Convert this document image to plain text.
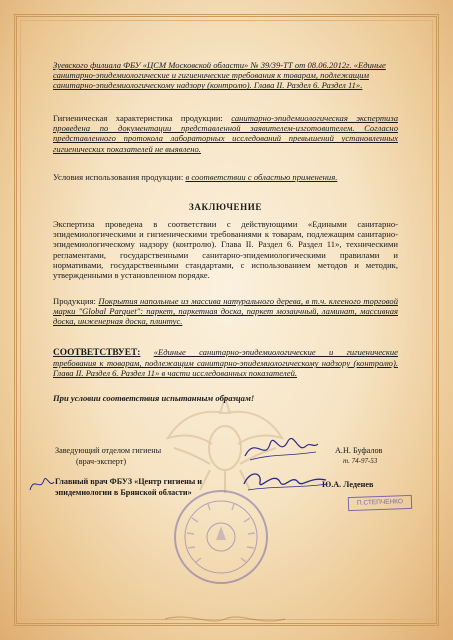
Зуевского филиала ФБУ «ЦСМ Московской области» № 39/39-ТТ от 08.06.2012г. «Единые санитарно-эпидемиологические и гигиенические требования к товарам, подлежащим санитарно-эпидемиологическому надзору (контролю). Глава II. Раздел 6. Раздел 11».
Гигиеническая характеристика продукции: санитарно-эпидемиологическая экспертиза проведена по документации представленной заявителем-изготовителем. Согласно представленного протокола лабораторных исследований превышений установленных гигиенических показателей не выявлено.
Условия использования продукции: в соответствии с областью применения.
ЗАКЛЮЧЕНИЕ
Экспертиза проведена в соответствии с действующими «Едиными санитарно-эпидемиологическими и гигиеническими требованиями к товарам, подлежащим санитарно-эпидемиологическому надзору (контролю). Глава II. Раздел 6. Раздел 11», техническими регламентами, государственными санитарно-эпидемиологическими правилами и нормативами, государственными стандартами, с использованием методов и методик, утвержденными в установленном порядке.
Продукция: Покрытия напольные из массива натурального дерева, в т.ч. клееного торговой марки "Global Parquet": паркет, паркетная доска, паркет мозаичный, ламинат, массивная доска, инженерная доска, плинтус.
СООТВЕТСТВУЕТ: «Единые санитарно-эпидемиологические и гигиенические требования к товарам, подлежащим санитарно-эпидемиологическому надзору (контролю). Глава II. Раздел 6. Раздел 11» в части исследованных показателей.
При условии соответствия испытанным образцам!
Заведующий отделом гигиены
(врач-эксперт)
А.Н. Буфалов
т. 74-97-53
Главный врач ФБУЗ «Центр гигиены и
эпидемиологии в Брянской области»
Ю.А. Леденев
П.СТЕПЧЕНКО
